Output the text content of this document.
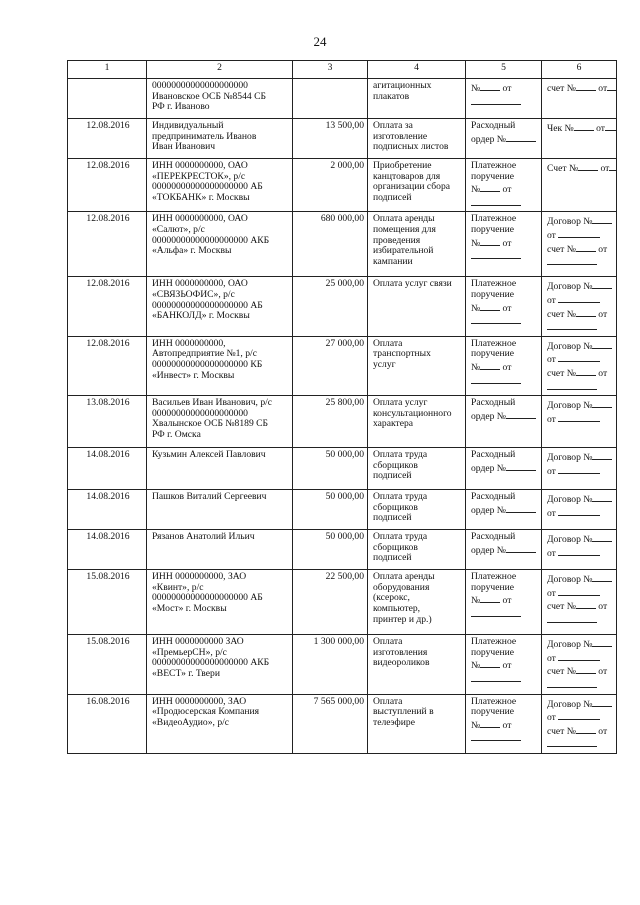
24
1	2	3	4	5	6

	00000000000000000000
Ивановское ОСБ №8544 СБ
РФ г. Иваново		агитационных
плакатов	№ от	счет № от

12.08.2016	Индивидуальный
предприниматель Иванов
Иван Иванович	13 500,00	Оплата за
изготовление
подписных листов	Расходный
ордер №	Чек № от

12.08.2016	ИНН 0000000000, ОАО
«ПЕРЕКРЕСТОК», р/с
00000000000000000000 АБ
«ТОКБАНК» г. Москвы	2 000,00	Приобретение
канцтоваров для
организации сбора
подписей	Платежное
поручение
№ от	Счет № от

12.08.2016	ИНН 0000000000, ОАО
«Салют», р/с
00000000000000000000 АКБ
«Альфа» г. Москвы	680 000,00	Оплата аренды
помещения для
проведения
избирательной
кампании	Платежное
поручение
№ от	Договор №
от
счет № от

12.08.2016	ИНН 0000000000, ОАО
«СВЯЗЬОФИС», р/с
00000000000000000000 АБ
«БАНКОЛД» г. Москвы	25 000,00	Оплата услуг связи	Платежное
поручение
№ от	Договор №
от
счет № от

12.08.2016	ИНН 0000000000,
Автопредприятие №1, р/с
00000000000000000000 КБ
«Инвест» г. Москвы	27 000,00	Оплата
транспортных
услуг	Платежное
поручение
№ от	Договор №
от
счет № от

13.08.2016	Васильев Иван Иванович, р/с
00000000000000000000
Хвалынское ОСБ №8189 СБ
РФ г. Омска	25 800,00	Оплата услуг
консультационного
характера	Расходный
ордер №	Договор №
от

14.08.2016	Кузьмин Алексей Павлович	50 000,00	Оплата труда
сборщиков
подписей	Расходный
ордер №	Договор №
от

14.08.2016	Пашков Виталий Сергеевич	50 000,00	Оплата труда
сборщиков
подписей	Расходный
ордер №	Договор №
от

14.08.2016	Рязанов Анатолий Ильич	50 000,00	Оплата труда
сборщиков
подписей	Расходный
ордер №	Договор №
от

15.08.2016	ИНН 0000000000, ЗАО
«Квинт», р/с
00000000000000000000 АБ
«Мост» г. Москвы	22 500,00	Оплата аренды
оборудования
(ксерокс,
компьютер,
принтер и др.)	Платежное
поручение
№ от	Договор №
от
счет № от

15.08.2016	ИНН 0000000000 ЗАО
«ПремьерСН», р/с
00000000000000000000 АКБ
«ВЕСТ» г. Твери	1 300 000,00	Оплата
изготовления
видеороликов	Платежное
поручение
№ от	Договор №
от
счет № от

16.08.2016	ИНН 0000000000, ЗАО
«Продюсерская Компания
«ВидеоАудио», р/с	7 565 000,00	Оплата
выступлений в
телеэфире	Платежное
поручение
№ от	Договор №
от
счет № от
